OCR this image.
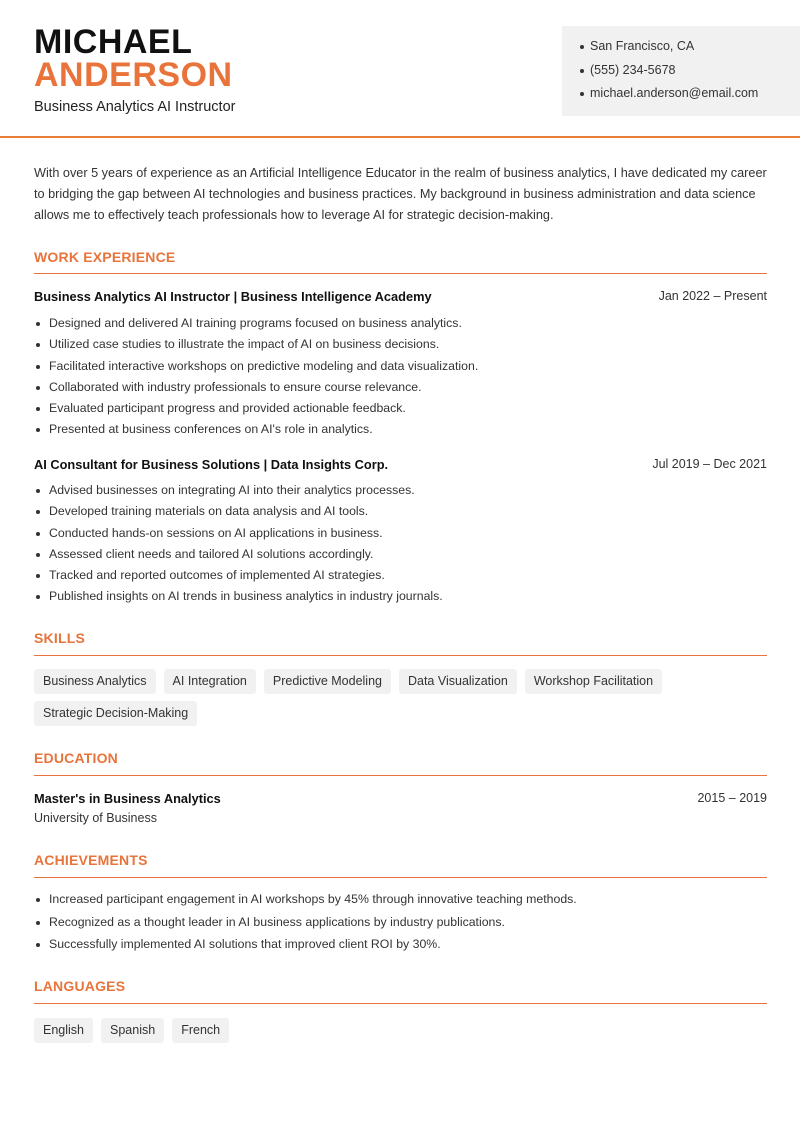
MICHAEL
ANDERSON
Business Analytics AI Instructor
San Francisco, CA
(555) 234-5678
michael.anderson@email.com
With over 5 years of experience as an Artificial Intelligence Educator in the realm of business analytics, I have dedicated my career to bridging the gap between AI technologies and business practices. My background in business administration and data science allows me to effectively teach professionals how to leverage AI for strategic decision-making.
WORK EXPERIENCE
Business Analytics AI Instructor | Business Intelligence Academy	Jan 2022 – Present
Designed and delivered AI training programs focused on business analytics.
Utilized case studies to illustrate the impact of AI on business decisions.
Facilitated interactive workshops on predictive modeling and data visualization.
Collaborated with industry professionals to ensure course relevance.
Evaluated participant progress and provided actionable feedback.
Presented at business conferences on AI's role in analytics.
AI Consultant for Business Solutions | Data Insights Corp.	Jul 2019 – Dec 2021
Advised businesses on integrating AI into their analytics processes.
Developed training materials on data analysis and AI tools.
Conducted hands-on sessions on AI applications in business.
Assessed client needs and tailored AI solutions accordingly.
Tracked and reported outcomes of implemented AI strategies.
Published insights on AI trends in business analytics in industry journals.
SKILLS
Business Analytics	AI Integration	Predictive Modeling	Data Visualization	Workshop Facilitation
Strategic Decision-Making
EDUCATION
Master's in Business Analytics	2015 – 2019
University of Business
ACHIEVEMENTS
Increased participant engagement in AI workshops by 45% through innovative teaching methods.
Recognized as a thought leader in AI business applications by industry publications.
Successfully implemented AI solutions that improved client ROI by 30%.
LANGUAGES
English	Spanish	French
